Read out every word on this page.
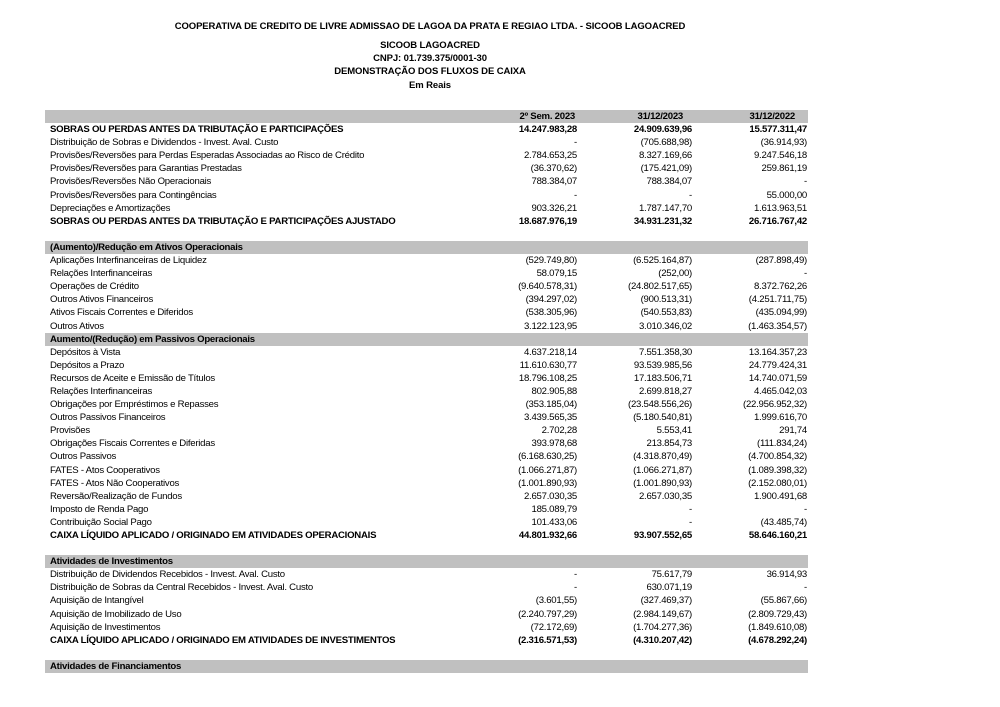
COOPERATIVA DE CREDITO DE LIVRE ADMISSAO DE LAGOA DA PRATA E REGIAO LTDA. - SICOOB LAGOACRED
SICOOB LAGOACRED
CNPJ: 01.739.375/0001-30
DEMONSTRAÇÃO DOS FLUXOS DE CAIXA
Em Reais
2º Sem. 2023	31/12/2023	31/12/2022
SOBRAS OU PERDAS ANTES DA TRIBUTAÇÃO E PARTICIPAÇÕES	14.247.983,28	24.909.639,96	15.577.311,47
Distribuição de Sobras e Dividendos - Invest. Aval. Custo	-	(705.688,98)	(36.914,93)
Provisões/Reversões para Perdas Esperadas Associadas ao Risco de Crédito	2.784.653,25	8.327.169,66	9.247.546,18
Provisões/Reversões para Garantias Prestadas	(36.370,62)	(175.421,09)	259.861,19
Provisões/Reversões Não Operacionais	788.384,07	788.384,07	-
Provisões/Reversões para Contingências	-	-	55.000,00
Depreciações e Amortizações	903.326,21	1.787.147,70	1.613.963,51
SOBRAS OU PERDAS ANTES DA TRIBUTAÇÃO E PARTICIPAÇÕES AJUSTADO	18.687.976,19	34.931.231,32	26.716.767,42
(Aumento)/Redução em Ativos Operacionais
Aplicações Interfinanceiras de Liquidez	(529.749,80)	(6.525.164,87)	(287.898,49)
Relações Interfinanceiras	58.079,15	(252,00)	-
Operações de Crédito	(9.640.578,31)	(24.802.517,65)	8.372.762,26
Outros Ativos Financeiros	(394.297,02)	(900.513,31)	(4.251.711,75)
Ativos Fiscais Correntes e Diferidos	(538.305,96)	(540.553,83)	(435.094,99)
Outros Ativos	3.122.123,95	3.010.346,02	(1.463.354,57)
Aumento/(Redução) em Passivos Operacionais
Depósitos à Vista	4.637.218,14	7.551.358,30	13.164.357,23
Depósitos a Prazo	11.610.630,77	93.539.985,56	24.779.424,31
Recursos de Aceite e Emissão de Títulos	18.796.108,25	17.183.506,71	14.740.071,59
Relações Interfinanceiras	802.905,88	2.699.818,27	4.465.042,03
Obrigações por Empréstimos e Repasses	(353.185,04)	(23.548.556,26)	(22.956.952,32)
Outros Passivos Financeiros	3.439.565,35	(5.180.540,81)	1.999.616,70
Provisões	2.702,28	5.553,41	291,74
Obrigações Fiscais Correntes e Diferidas	393.978,68	213.854,73	(111.834,24)
Outros Passivos	(6.168.630,25)	(4.318.870,49)	(4.700.854,32)
FATES - Atos Cooperativos	(1.066.271,87)	(1.066.271,87)	(1.089.398,32)
FATES - Atos Não Cooperativos	(1.001.890,93)	(1.001.890,93)	(2.152.080,01)
Reversão/Realização de Fundos	2.657.030,35	2.657.030,35	1.900.491,68
Imposto de Renda Pago	185.089,79	-	-
Contribuição Social Pago	101.433,06	-	(43.485,74)
CAIXA LÍQUIDO APLICADO / ORIGINADO EM ATIVIDADES OPERACIONAIS	44.801.932,66	93.907.552,65	58.646.160,21
Atividades de Investimentos
Distribuição de Dividendos Recebidos - Invest. Aval. Custo	-	75.617,79	36.914,93
Distribuição de Sobras da Central Recebidos - Invest. Aval. Custo	-	630.071,19	-
Aquisição de Intangível	(3.601,55)	(327.469,37)	(55.867,66)
Aquisição de Imobilizado de Uso	(2.240.797,29)	(2.984.149,67)	(2.809.729,43)
Aquisição de Investimentos	(72.172,69)	(1.704.277,36)	(1.849.610,08)
CAIXA LÍQUIDO APLICADO / ORIGINADO EM ATIVIDADES DE INVESTIMENTOS	(2.316.571,53)	(4.310.207,42)	(4.678.292,24)
Atividades de Financiamentos
